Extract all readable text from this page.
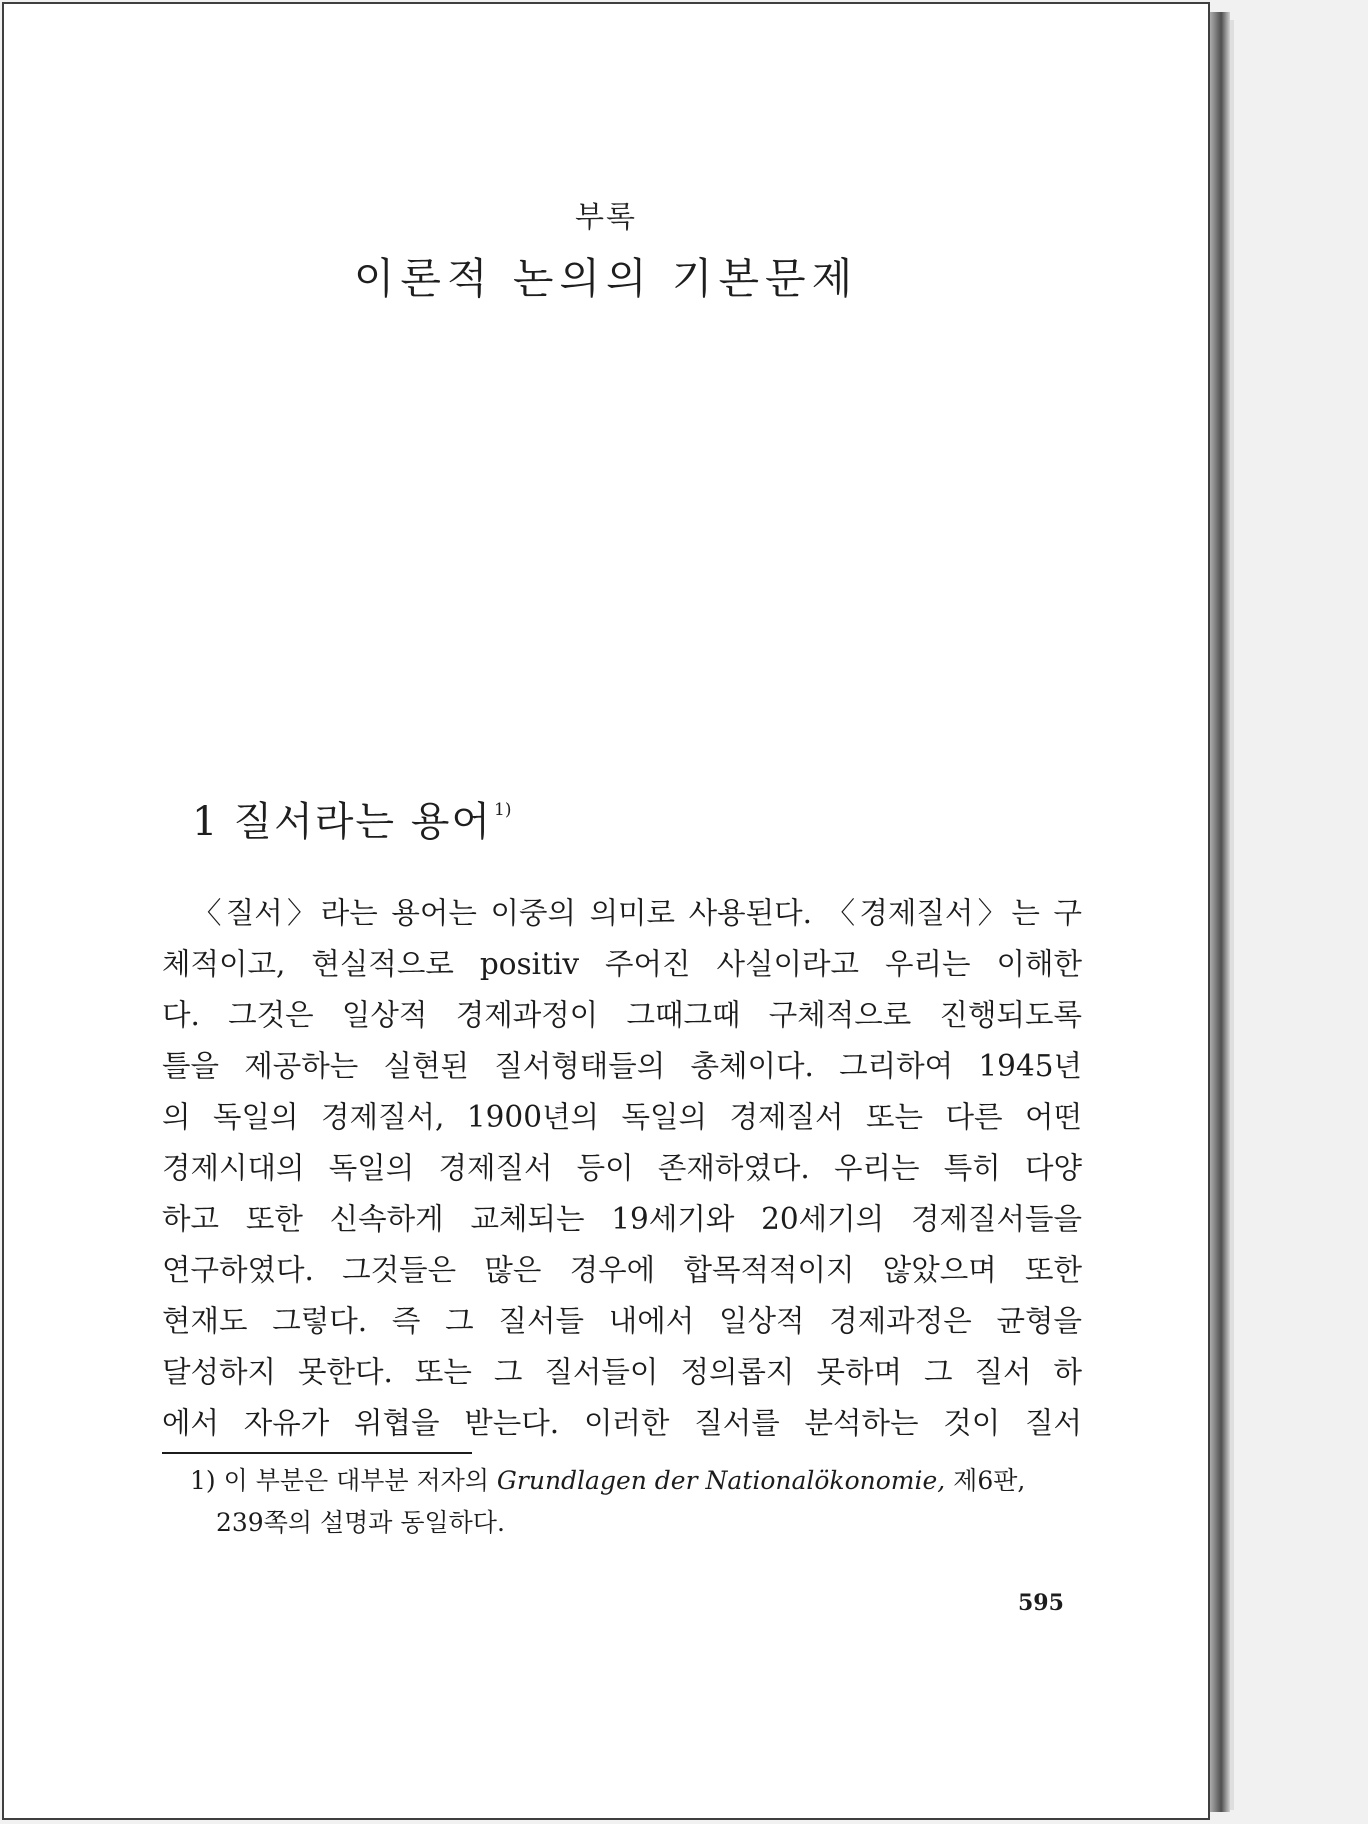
부록
이론적 논의의 기본문제
1 질서라는 용어 $^{1)}$
〈질서〉라는 용어는 이중의 의미로 사용된다. 〈경제질서〉는 구
체적이고, 현실적으로 positiv 주어진 사실이라고 우리는 이해한
다. 그것은 일상적 경제과정이 그때그때 구체적으로 진행되도록
틀을 제공하는 실현된 질서형태들의 총체이다. 그리하여 1945년
의 독일의 경제질서, 1900년의 독일의 경제질서 또는 다른 어떤
경제시대의 독일의 경제질서 등이 존재하였다. 우리는 특히 다양
하고 또한 신속하게 교체되는 19세기와 20세기의 경제질서들을
연구하였다. 그것들은 많은 경우에 합목적적이지 않았으며 또한
현재도 그렇다. 즉 그 질서들 내에서 일상적 경제과정은 균형을
달성하지 못한다. 또는 그 질서들이 정의롭지 못하며 그 질서 하
에서 자유가 위협을 받는다. 이러한 질서를 분석하는 것이 질서
1) 이 부분은 대부분 저자의 Grundlagen der Nationalökonomie, 제6판,
239쪽의 설명과 동일하다.
595
